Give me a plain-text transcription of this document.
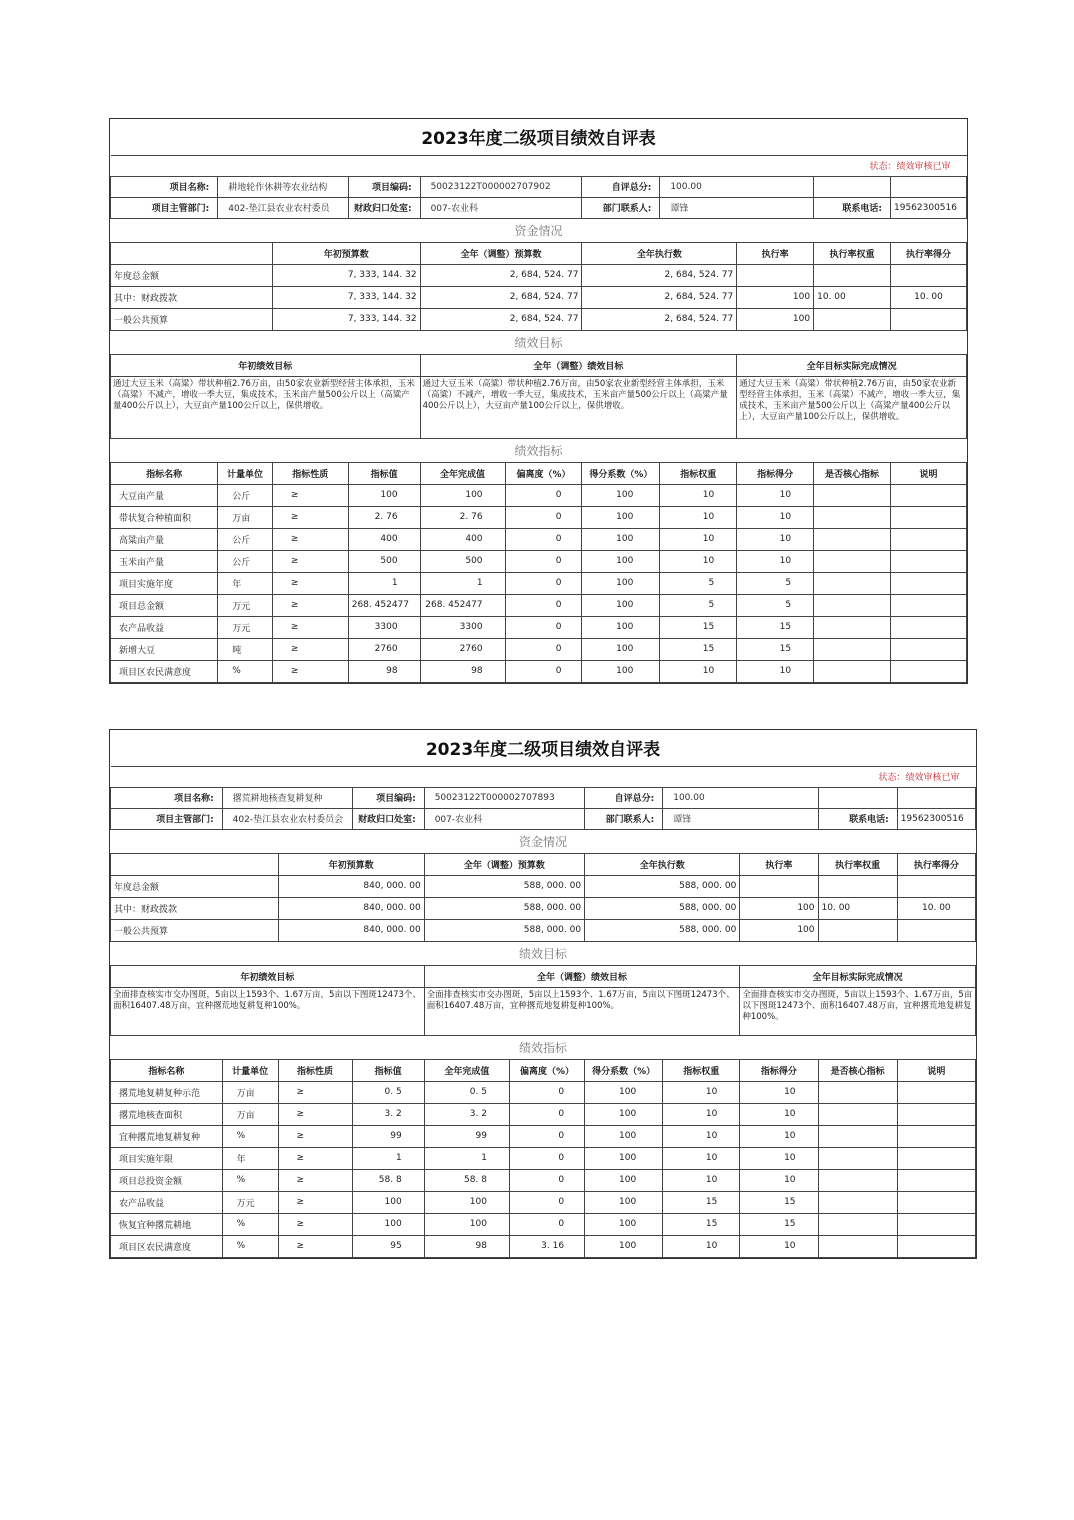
2023年度二级项目绩效自评表										
状态：绩效审核已审										
项目名称:	耕地轮作休耕等农业结构		项目编码:	50023122T000002707902		自评总分:	100.00			
项目主管部门:	402-垫江县农业农村委员		财政归口处室:	007-农业科		部门联系人:	谭锋		联系电话:	19562300516
资金情况										
		年初预算数		全年（调整）预算数		全年执行数		执行率	执行率权重	执行率得分
年度总金额		7, 333, 144. 32		2, 684, 524. 77		2, 684, 524. 77				
其中：财政拨款		7, 333, 144. 32		2, 684, 524. 77		2, 684, 524. 77		100	10. 00	10. 00
一般公共预算		7, 333, 144. 32		2, 684, 524. 77		2, 684, 524. 77		100		
绩效目标										
年初绩效目标				全年（调整）绩效目标				全年目标实际完成情况		
通过大豆玉米（高粱）带状种植2.76万亩，由50家农业新型经营主体承担，玉米（高粱）不减产，增收一季大豆，集成技术，玉米亩产量500公斤以上（高粱产量400公斤以上），大豆亩产量100公斤以上，保供增收。				通过大豆玉米（高粱）带状种植2.76万亩，由50家农业新型经营主体承担，玉米（高粱）不减产，增收一季大豆，集成技术，玉米亩产量500公斤以上（高粱产量400公斤以上），大豆亩产量100公斤以上，保供增收。				通过大豆玉米（高粱）带状种植2.76万亩，由50家农业新型经营主体承担，玉米（高粱）不减产，增收一季大豆，集成技术，玉米亩产量500公斤以上（高粱产量400公斤以上），大豆亩产量100公斤以上，保供增收。		
绩效指标										
指标名称	计量单位	指标性质	指标值	全年完成值	偏离度（%）	得分系数（%）	指标权重	指标得分	是否核心指标	说明
大豆亩产量	公斤	≥	100	100	0	100	10	10		
带状复合种植面积	万亩	≥	2. 76	2. 76	0	100	10	10		
高粱亩产量	公斤	≥	400	400	0	100	10	10		
玉米亩产量	公斤	≥	500	500	0	100	10	10		
项目实施年度	年	≥	1	1	0	100	5	5		
项目总金额	万元	≥	268. 452477	268. 452477	0	100	5	5		
农产品收益	万元	≥	3300	3300	0	100	15	15		
新增大豆	吨	≥	2760	2760	0	100	15	15		
项目区农民满意度	%	≥	98	98	0	100	10	10		
2023年度二级项目绩效自评表										
状态：绩效审核已审										
项目名称:	撂荒耕地核查复耕复种		项目编码:	50023122T000002707893		自评总分:	100.00			
项目主管部门:	402-垫江县农业农村委员会		财政归口处室:	007-农业科		部门联系人:	谭锋		联系电话:	19562300516
资金情况										
		年初预算数		全年（调整）预算数		全年执行数		执行率	执行率权重	执行率得分
年度总金额		840, 000. 00		588, 000. 00		588, 000. 00				
其中：财政拨款		840, 000. 00		588, 000. 00		588, 000. 00		100	10. 00	10. 00
一般公共预算		840, 000. 00		588, 000. 00		588, 000. 00		100		
绩效目标										
年初绩效目标				全年（调整）绩效目标				全年目标实际完成情况		
全面排查核实市交办图斑，5亩以上1593个、1.67万亩，5亩以下图斑12473个、面积16407.48万亩，宜种撂荒地复耕复种100%。				全面排查核实市交办图斑，5亩以上1593个、1.67万亩，5亩以下图斑12473个、面积16407.48万亩，宜种撂荒地复耕复种100%。				全面排查核实市交办图斑，5亩以上1593个、1.67万亩，5亩以下图斑12473个、面积16407.48万亩，宜种撂荒地复耕复种100%。		
绩效指标										
指标名称	计量单位	指标性质	指标值	全年完成值	偏离度（%）	得分系数（%）	指标权重	指标得分	是否核心指标	说明
撂荒地复耕复种示范	万亩	≥	0. 5	0. 5	0	100	10	10		
撂荒地核查面积	万亩	≥	3. 2	3. 2	0	100	10	10		
宜种撂荒地复耕复种	%	≥	99	99	0	100	10	10		
项目实施年限	年	≥	1	1	0	100	10	10		
项目总投资金额	%	≥	58. 8	58. 8	0	100	10	10		
农产品收益	万元	≥	100	100	0	100	15	15		
恢复宜种撂荒耕地	%	≥	100	100	0	100	15	15		
项目区农民满意度	%	≥	95	98	3. 16	100	10	10		
